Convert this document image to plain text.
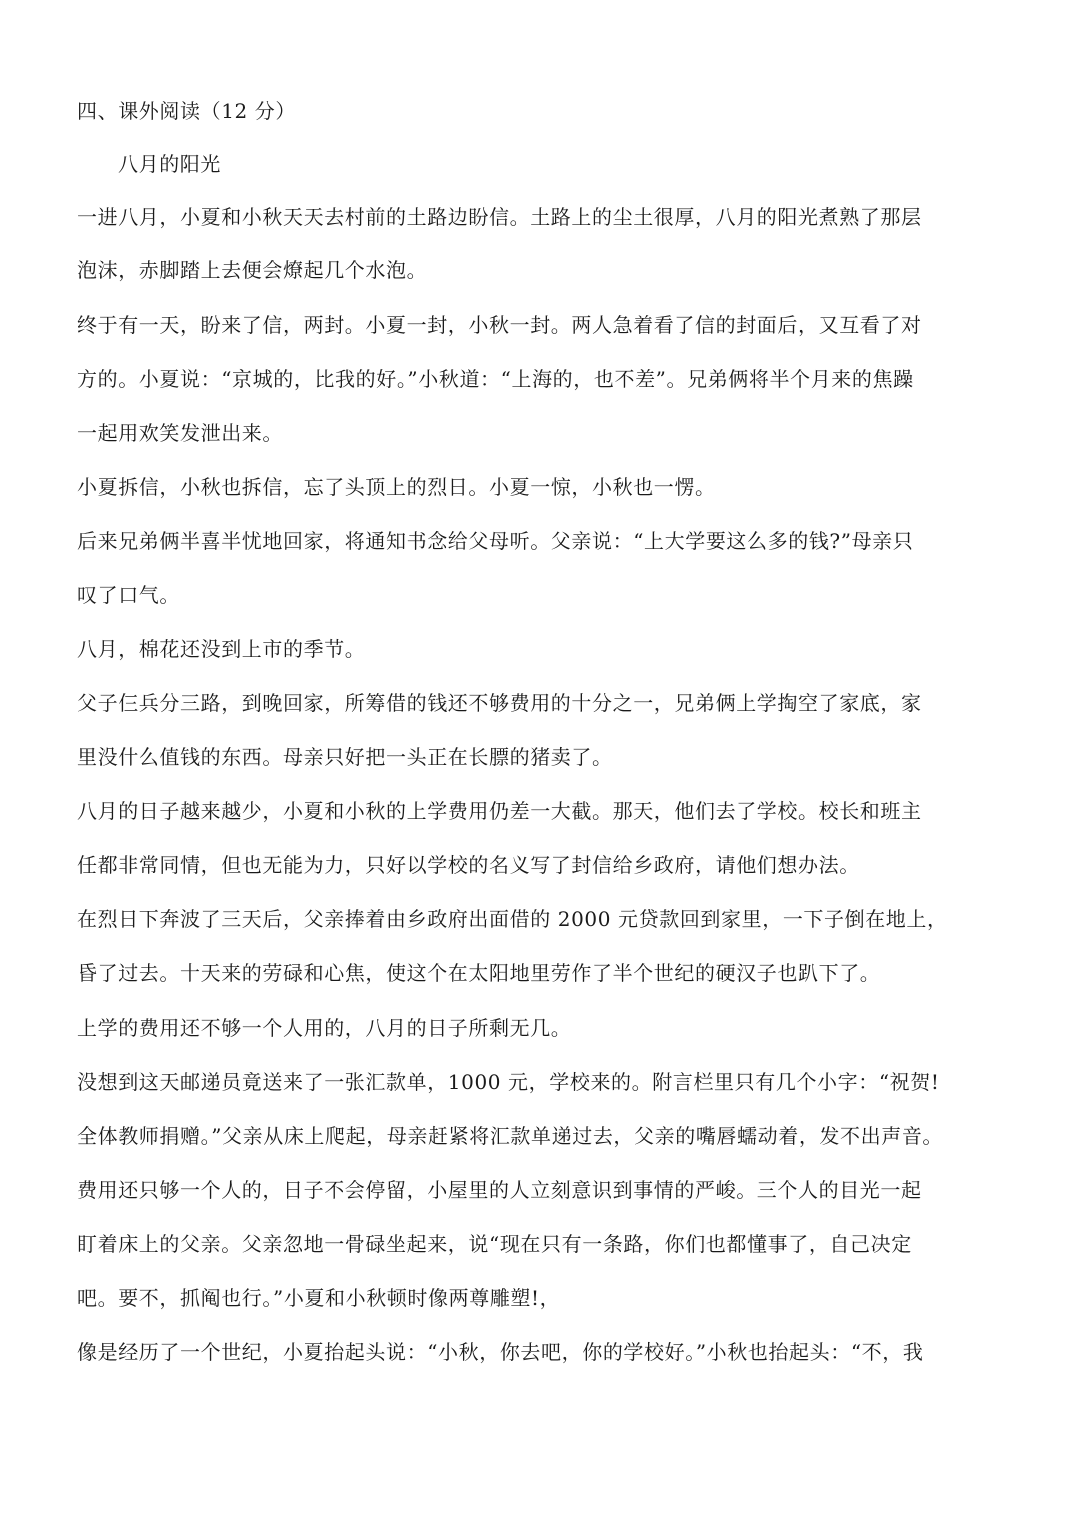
四、课外阅读（12 分）
八月的阳光
一进八月，小夏和小秋天天去村前的土路边盼信。土路上的尘土很厚，八月的阳光煮熟了那层
泡沫，赤脚踏上去便会燎起几个水泡。
终于有一天，盼来了信，两封。小夏一封，小秋一封。两人急着看了信的封面后，又互看了对
方的。小夏说：“京城的，比我的好。”小秋道：“上海的，也不差”。兄弟俩将半个月来的焦躁
一起用欢笑发泄出来。
小夏拆信，小秋也拆信，忘了头顶上的烈日。小夏一惊，小秋也一愣。
后来兄弟俩半喜半忧地回家，将通知书念给父母听。父亲说：“上大学要这么多的钱?”母亲只
叹了口气。
八月，棉花还没到上市的季节。
父子仨兵分三路，到晚回家，所筹借的钱还不够费用的十分之一，兄弟俩上学掏空了家底，家
里没什么值钱的东西。母亲只好把一头正在长膘的猪卖了。
八月的日子越来越少，小夏和小秋的上学费用仍差一大截。那天，他们去了学校。校长和班主
任都非常同情，但也无能为力，只好以学校的名义写了封信给乡政府，请他们想办法。
在烈日下奔波了三天后，父亲捧着由乡政府出面借的 2000 元贷款回到家里，一下子倒在地上，
昏了过去。十天来的劳碌和心焦，使这个在太阳地里劳作了半个世纪的硬汉子也趴下了。
上学的费用还不够一个人用的，八月的日子所剩无几。
没想到这天邮递员竟送来了一张汇款单，1000 元，学校来的。附言栏里只有几个小字：“祝贺!
全体教师捐赠。”父亲从床上爬起，母亲赶紧将汇款单递过去，父亲的嘴唇蠕动着，发不出声音。
费用还只够一个人的，日子不会停留，小屋里的人立刻意识到事情的严峻。三个人的目光一起
盯着床上的父亲。父亲忽地一骨碌坐起来，说“现在只有一条路，你们也都懂事了，自己决定
吧。要不，抓阄也行。”小夏和小秋顿时像两尊雕塑!，
像是经历了一个世纪，小夏抬起头说：“小秋，你去吧，你的学校好。”小秋也抬起头：“不，我
